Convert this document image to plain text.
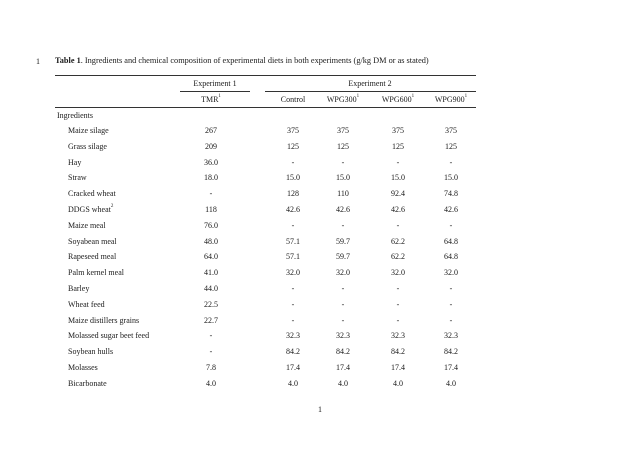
1 Table 1. Ingredients and chemical composition of experimental diets in both experiments (g/kg DM or as stated)
Experiment 1	Experiment 2
TMR$^1$	Control	$WPG300^1$	$WPG600^1$	$WPG900^1$
Ingredients
Maize silage	267	375	375	375	375
Grass silage	209	125	125	125	125
Hay	36.0	-	-	-	-
Straw	18.0	15.0	15.0	15.0	15.0
Cracked wheat	-	128	110	92.4	74.8
DDGS wheat$^2$	118	42.6	42.6	42.6	42.6
Maize meal	76.0	-	-	-	-
Soyabean meal	48.0	57.1	59.7	62.2	64.8
Rapeseed meal	64.0	57.1	59.7	62.2	64.8
Palm kernel meal	41.0	32.0	32.0	32.0	32.0
Barley	44.0	-	-	-	-
Wheat feed	22.5	-	-	-	-
Maize distillers grains	22.7	-	-	-	-
Molassed sugar beet feed	-	32.3	32.3	32.3	32.3
Soybean hulls	-	84.2	84.2	84.2	84.2
Molasses	7.8	17.4	17.4	17.4	17.4
Bicarbonate	4.0	4.0	4.0	4.0	4.0
1
